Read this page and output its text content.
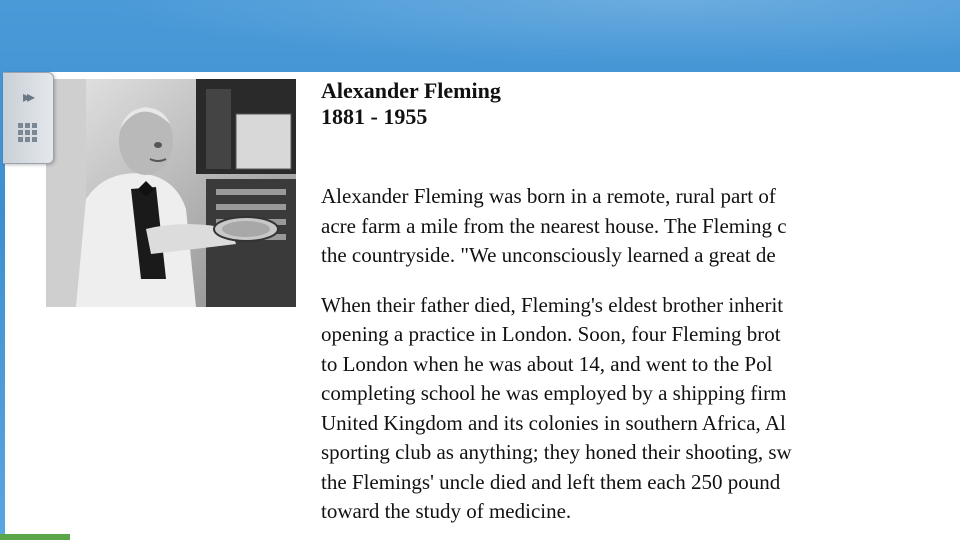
Alexander Fleming
1881 - 1955

Alexander Fleming was born in a remote, rural part of

acre farm a mile from the nearest house. The Fleming c

the countryside. "We unconsciously learned a great de

When their father died, Fleming's eldest brother inherit

opening a practice in London. Soon, four Fleming brot

to London when he was about 14, and went to the Pol

completing school he was employed by a shipping firm

United Kingdom and its colonies in southern Africa, Al

sporting club as anything; they honed their shooting, sw

the Flemings' uncle died and left them each 250 pound

toward the study of medicine.

▸▸
